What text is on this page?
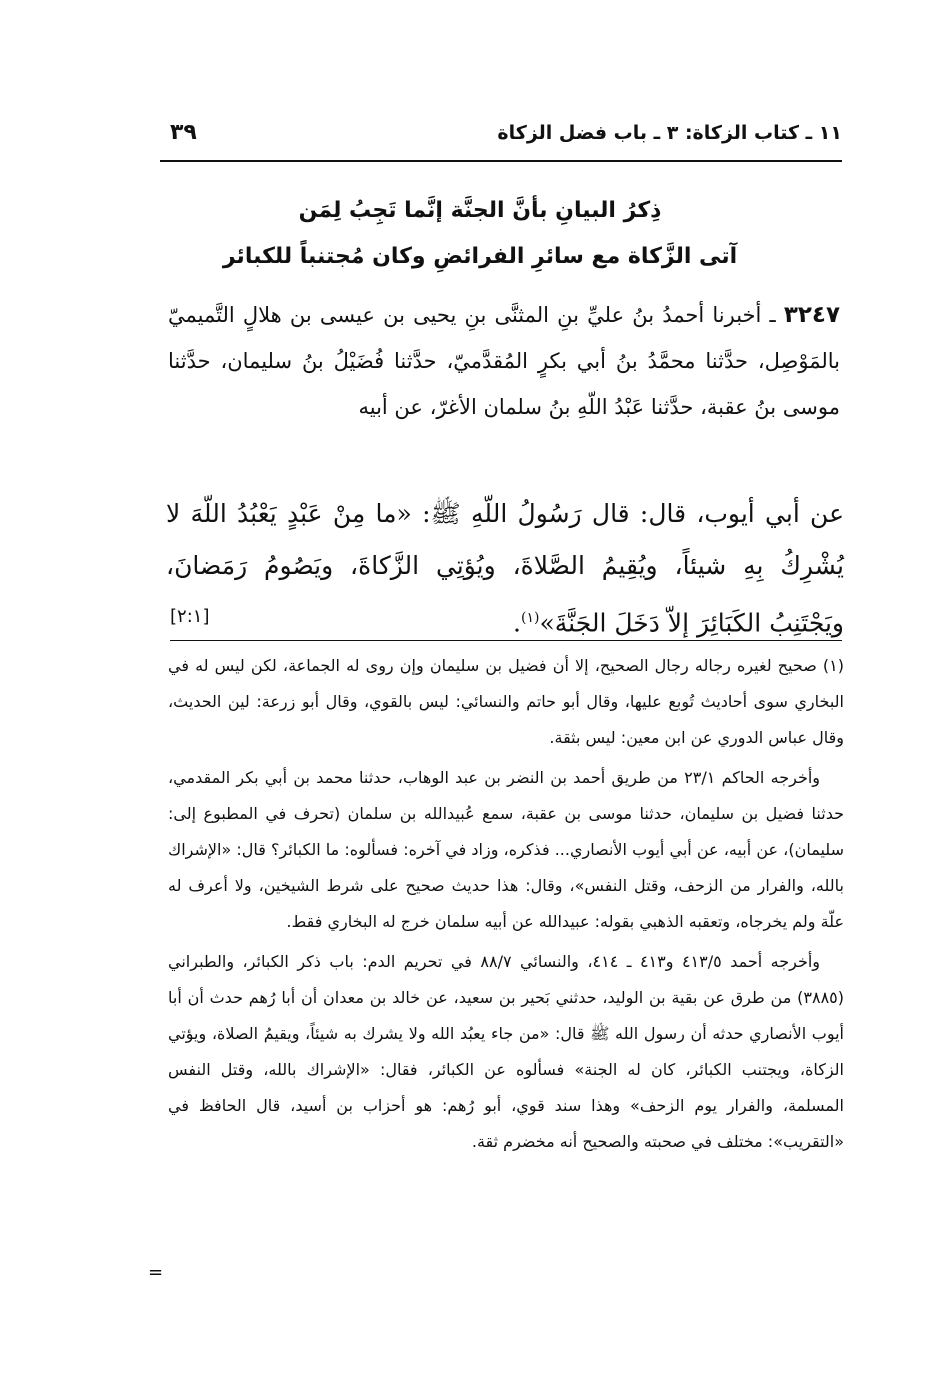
١١ ـ كتاب الزكاة: ٣ ـ باب فضل الزكاة
٣٩
ذِكرُ البيانِ بأنَّ الجنَّة إنَّما تَجِبُ لِمَن
آتى الزَّكاة مع سائرِ الفرائضِ وكان مُجتنباً للكبائر
٣٢٤٧ ـ أخبرنا أحمدُ بنُ عليِّ بنِ المثنَّى بنِ يحيى بن عيسى بن هلالٍ التَّميميّ بالمَوْصِل، حدَّثنا محمَّدُ بنُ أبي بكرٍ المُقدَّميّ، حدَّثنا فُضَيْلُ بنُ سليمان، حدَّثنا موسى بنُ عقبة، حدَّثنا عَبْدُ اللّهِ بنُ سلمان الأغرّ، عن أبيه
عن أبي أيوب، قال: قال رَسُولُ اللّهِ ﷺ: «ما مِنْ عَبْدٍ يَعْبُدُ اللّهَ لا يُشْرِكُ بِهِ شيئاً، ويُقِيمُ الصَّلاةَ، ويُؤتِي الزَّكاةَ، ويَصُومُ رَمَضانَ، ويَجْتَنِبُ الكَبَائِرَ إلاّ دَخَلَ الجَنَّةَ»$^{(١)}$.
[٢:١]

(١) صحيح لغيره رجاله رجال الصحيح، إلا أن فضيل بن سليمان وإن روى له الجماعة، لكن ليس له في البخاري سوى أحاديث تُوبع عليها، وقال أبو حاتم والنسائي: ليس بالقوي، وقال أبو زرعة: لين الحديث، وقال عباس الدوري عن ابن معين: ليس بثقة.

وأخرجه الحاكم ٢٣/١ من طريق أحمد بن النضر بن عبد الوهاب، حدثنا محمد بن أبي بكر المقدمي، حدثنا فضيل بن سليمان، حدثنا موسى بن عقبة، سمع عُبيدالله بن سلمان (تحرف في المطبوع إلى: سليمان)، عن أبيه، عن أبي أيوب الأنصاري... فذكره، وزاد في آخره: فسألوه: ما الكبائر؟ قال: «الإشراك بالله، والفرار من الزحف، وقتل النفس»، وقال: هذا حديث صحيح على شرط الشيخين، ولا أعرف له علّة ولم يخرجاه، وتعقبه الذهبي بقوله: عبيدالله عن أبيه سلمان خرج له البخاري فقط.

وأخرجه أحمد ٤١٣/٥ و٤١٣ ـ ٤١٤، والنسائي ٨٨/٧ في تحريم الدم: باب ذكر الكبائر، والطبراني (٣٨٨٥) من طرق عن بقية بن الوليد، حدثني بَحير بن سعيد، عن خالد بن معدان أن أبا رُهم حدث أن أبا أيوب الأنصاري حدثه أن رسول الله ﷺ قال: «من جاء يعبُد الله ولا يشرك به شيئاً، ويقيمُ الصلاة، ويؤتي الزكاة، ويجتنب الكبائر، كان له الجنة» فسألوه عن الكبائر، فقال: «الإشراك بالله، وقتل النفس المسلمة، والفرار يوم الزحف» وهذا سند قوي، أبو رُهم: هو أحزاب بن أسيد، قال الحافظ في «التقريب»: مختلف في صحبته والصحيح أنه مخضرم ثقة.

=
